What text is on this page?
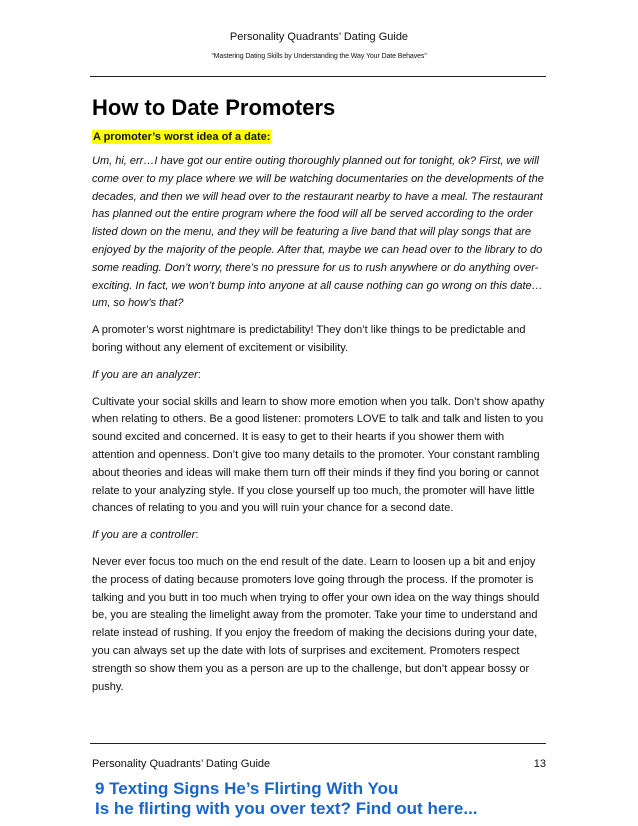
Personality Quadrants’ Dating Guide
“Mastering Dating Skills by Understanding the Way Your Date Behaves”
How to Date Promoters
A promoter’s worst idea of a date:

Um, hi, err…I have got our entire outing thoroughly planned out for tonight, ok? First, we will come over to my place where we will be watching documentaries on the developments of the decades, and then we will head over to the restaurant nearby to have a meal. The restaurant has planned out the entire program where the food will all be served according to the order listed down on the menu, and they will be featuring a live band that will play songs that are enjoyed by the majority of the people. After that, maybe we can head over to the library to do some reading. Don’t worry, there’s no pressure for us to rush anywhere or do anything over-exciting. In fact, we won’t bump into anyone at all cause nothing can go wrong on this date… um, so how’s that?

A promoter’s worst nightmare is predictability! They don’t like things to be predictable and boring without any element of excitement or visibility.

If you are an analyzer:

Cultivate your social skills and learn to show more emotion when you talk. Don’t show apathy when relating to others. Be a good listener: promoters LOVE to talk and talk and listen to you sound excited and concerned. It is easy to get to their hearts if you shower them with attention and openness. Don’t give too many details to the promoter. Your constant rambling about theories and ideas will make them turn off their minds if they find you boring or cannot relate to your analyzing style. If you close yourself up too much, the promoter will have little chances of relating to you and you will ruin your chance for a second date.

If you are a controller:

Never ever focus too much on the end result of the date. Learn to loosen up a bit and enjoy the process of dating because promoters love going through the process. If the promoter is talking and you butt in too much when trying to offer your own idea on the way things should be, you are stealing the limelight away from the promoter. Take your time to understand and relate instead of rushing. If you enjoy the freedom of making the decisions during your date, you can always set up the date with lots of surprises and excitement. Promoters respect strength so show them you as a person are up to the challenge, but don’t appear bossy or pushy.

Personality Quadrants’ Dating Guide	13
9 Texting Signs He’s Flirting With You
Is he flirting with you over text? Find out here...
